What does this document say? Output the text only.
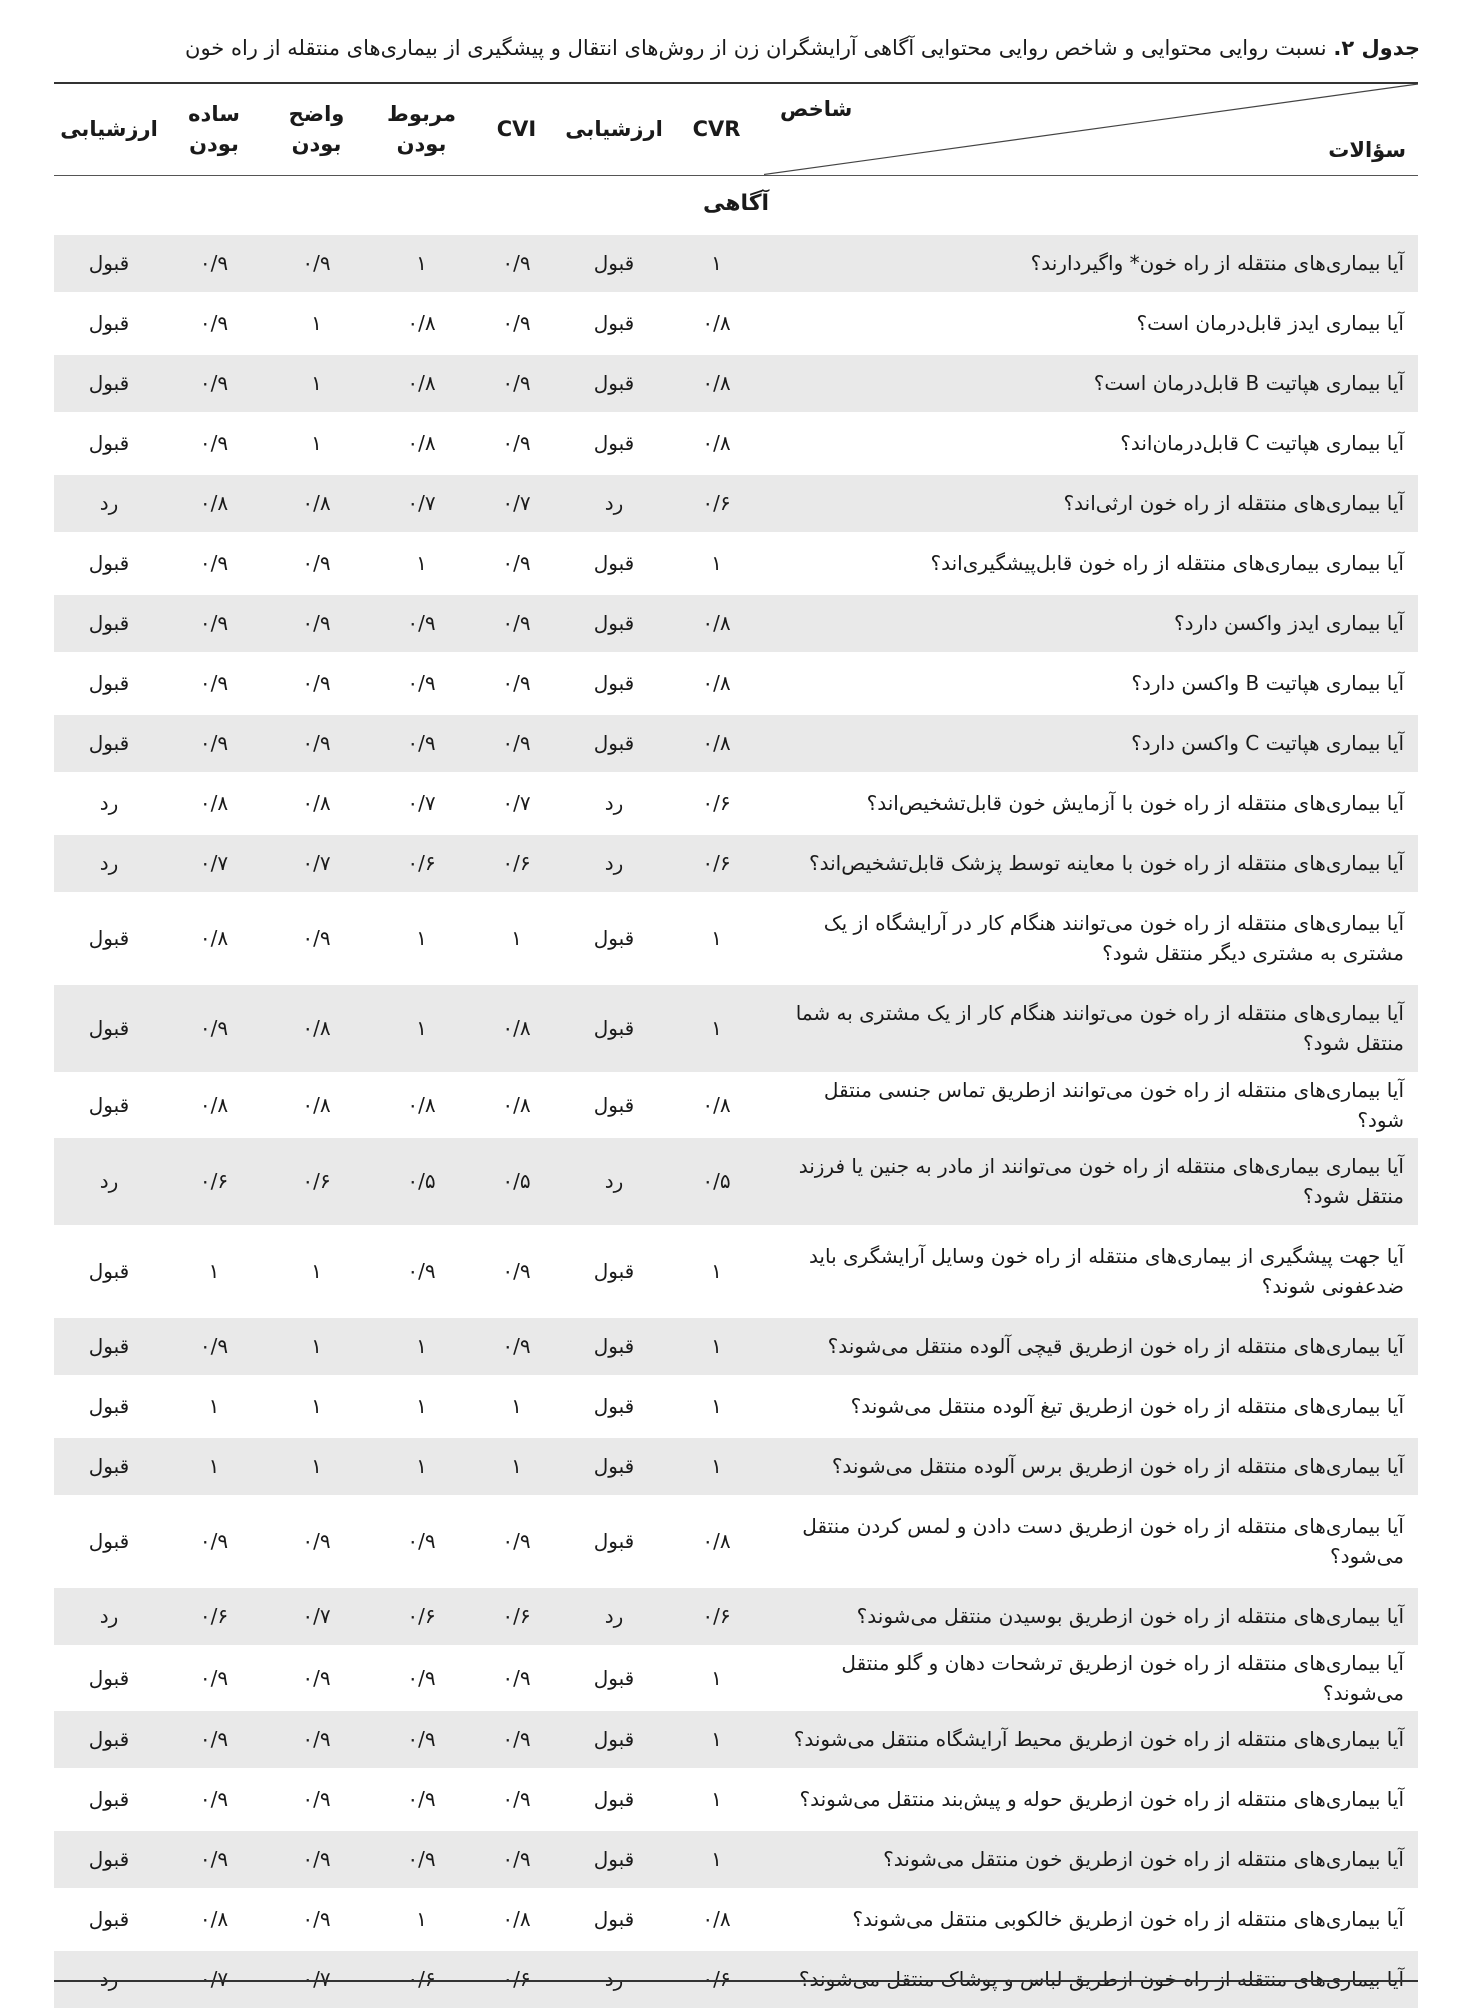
جدول ۲. نسبت روایی محتوایی و شاخص روایی محتوایی آگاهی آرایشگران زن از روش‌های انتقال و پیشگیری از بیماری‌های منتقله از راه خون
ارزشیابی	ساده بودن	واضح بودن	مربوط بودن	CVI	ارزشیابی	CVR	شاخص
سؤالات

آگاهی							
قبول	۰/۹	۰/۹	۱	۰/۹	قبول	۱	آیا بیماری‌های منتقله از راه خون* واگیردارند؟
قبول	۰/۹	۱	۰/۸	۰/۹	قبول	۰/۸	آیا بیماری ایدز قابل‌درمان است؟
قبول	۰/۹	۱	۰/۸	۰/۹	قبول	۰/۸	آیا بیماری هپاتیت B قابل‌درمان است؟
قبول	۰/۹	۱	۰/۸	۰/۹	قبول	۰/۸	آیا بیماری هپاتیت C قابل‌درمان‌اند؟
رد	۰/۸	۰/۸	۰/۷	۰/۷	رد	۰/۶	آیا بیماری‌های منتقله از راه خون ارثی‌اند؟
قبول	۰/۹	۰/۹	۱	۰/۹	قبول	۱	آیا بیماری بیماری‌های منتقله از راه خون قابل‌پیشگیری‌اند؟
قبول	۰/۹	۰/۹	۰/۹	۰/۹	قبول	۰/۸	آیا بیماری ایدز واکسن دارد؟
قبول	۰/۹	۰/۹	۰/۹	۰/۹	قبول	۰/۸	آیا بیماری هپاتیت B واکسن دارد؟
قبول	۰/۹	۰/۹	۰/۹	۰/۹	قبول	۰/۸	آیا بیماری هپاتیت C واکسن دارد؟
رد	۰/۸	۰/۸	۰/۷	۰/۷	رد	۰/۶	آیا بیماری‌های منتقله از راه خون با آزمایش خون قابل‌تشخیص‌اند؟
رد	۰/۷	۰/۷	۰/۶	۰/۶	رد	۰/۶	آیا بیماری‌های منتقله از راه خون با معاینه توسط پزشک قابل‌تشخیص‌اند؟
قبول	۰/۸	۰/۹	۱	۱	قبول	۱	آیا بیماری‌های منتقله از راه خون می‌توانند هنگام کار در آرایشگاه از یک مشتری به مشتری دیگر منتقل شود؟
قبول	۰/۹	۰/۸	۱	۰/۸	قبول	۱	آیا بیماری‌های منتقله از راه خون می‌توانند هنگام کار از یک مشتری به شما منتقل شود؟
قبول	۰/۸	۰/۸	۰/۸	۰/۸	قبول	۰/۸	آیا بیماری‌های منتقله از راه خون می‌توانند ازطریق تماس جنسی منتقل شود؟
رد	۰/۶	۰/۶	۰/۵	۰/۵	رد	۰/۵	آیا بیماری بیماری‌های منتقله از راه خون می‌توانند از مادر به جنین یا فرزند منتقل شود؟
قبول	۱	۱	۰/۹	۰/۹	قبول	۱	آیا جهت پیشگیری از بیماری‌های منتقله از راه خون وسایل آرایشگری باید ضدعفونی شوند؟
قبول	۰/۹	۱	۱	۰/۹	قبول	۱	آیا بیماری‌های منتقله از راه خون ازطریق قیچی آلوده منتقل می‌شوند؟
قبول	۱	۱	۱	۱	قبول	۱	آیا بیماری‌های منتقله از راه خون ازطریق تیغ آلوده منتقل می‌شوند؟
قبول	۱	۱	۱	۱	قبول	۱	آیا بیماری‌های منتقله از راه خون ازطریق برس آلوده منتقل می‌شوند؟
قبول	۰/۹	۰/۹	۰/۹	۰/۹	قبول	۰/۸	آیا بیماری‌های منتقله از راه خون ازطریق دست دادن و لمس کردن منتقل می‌شود؟
رد	۰/۶	۰/۷	۰/۶	۰/۶	رد	۰/۶	آیا بیماری‌های منتقله از راه خون ازطریق بوسیدن منتقل می‌شوند؟
قبول	۰/۹	۰/۹	۰/۹	۰/۹	قبول	۱	آیا بیماری‌های منتقله از راه خون ازطریق ترشحات دهان و گلو منتقل می‌شوند؟
قبول	۰/۹	۰/۹	۰/۹	۰/۹	قبول	۱	آیا بیماری‌های منتقله از راه خون ازطریق محیط آرایشگاه منتقل می‌شوند؟
قبول	۰/۹	۰/۹	۰/۹	۰/۹	قبول	۱	آیا بیماری‌های منتقله از راه خون ازطریق حوله و پیش‌بند منتقل می‌شوند؟
قبول	۰/۹	۰/۹	۰/۹	۰/۹	قبول	۱	آیا بیماری‌های منتقله از راه خون ازطریق خون منتقل می‌شوند؟
قبول	۰/۸	۰/۹	۱	۰/۸	قبول	۰/۸	آیا بیماری‌های منتقله از راه خون ازطریق خالکوبی منتقل می‌شوند؟
رد	۰/۷	۰/۷	۰/۶	۰/۶	رد	۰/۶	آیا بیماری‌های منتقله از راه خون ازطریق لباس و پوشاک منتقل می‌شوند؟
